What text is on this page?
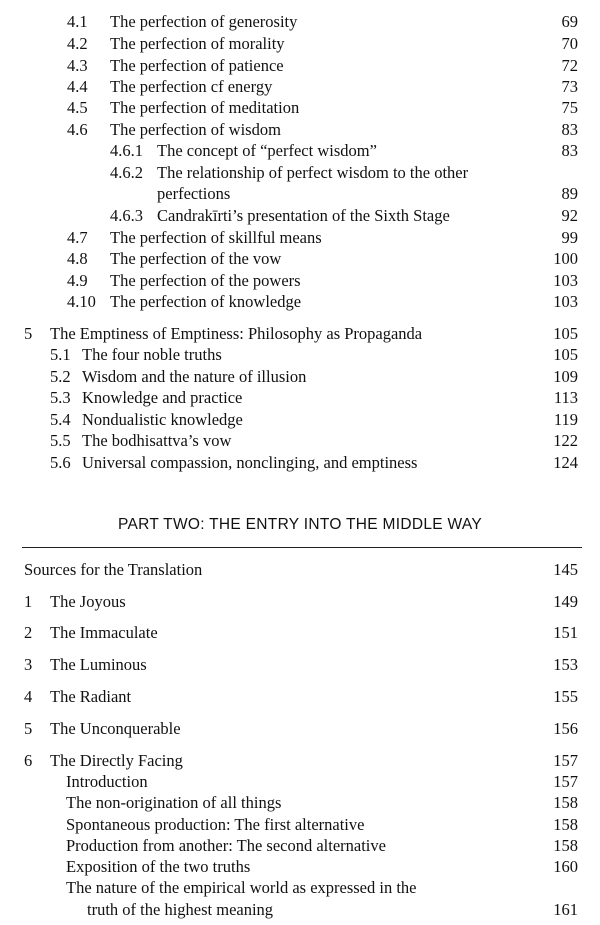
4.1 The perfection of generosity	69
4.2 The perfection of morality	70
4.3 The perfection of patience	72
4.4 The perfection cf energy	73
4.5 The perfection of meditation	75
4.6 The perfection of wisdom	83
4.6.1 The concept of “perfect wisdom”	83
4.6.2 The relationship of perfect wisdom to the other
perfections	89
4.6.3 Candrakīrti’s presentation of the Sixth Stage	92
4.7 The perfection of skillful means	99
4.8 The perfection of the vow	100
4.9 The perfection of the powers	103
4.10 The perfection of knowledge	103
5 The Emptiness of Emptiness: Philosophy as Propaganda	105
5.1 The four noble truths	105
5.2 Wisdom and the nature of illusion	109
5.3 Knowledge and practice	113
5.4 Nondualistic knowledge	119
5.5 The bodhisattva’s vow	122
5.6 Universal compassion, nonclinging, and emptiness	124
PART TWO: THE ENTRY INTO THE MIDDLE WAY
Sources for the Translation	145
1 The Joyous	149
2 The Immaculate	151
3 The Luminous	153
4 The Radiant	155
5 The Unconquerable	156
6 The Directly Facing	157
Introduction	157
The non-origination of all things	158
Spontaneous production: The first alternative	158
Production from another: The second alternative	158
Exposition of the two truths	160
The nature of the empirical world as expressed in the
truth of the highest meaning	161
